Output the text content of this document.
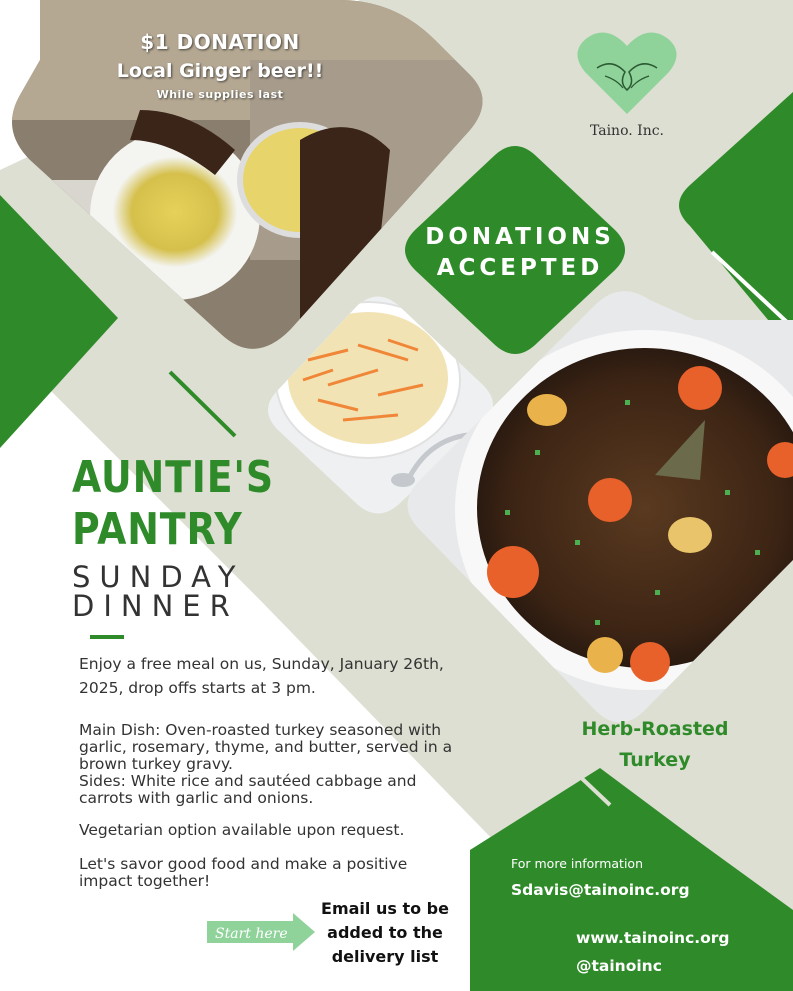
$1 DONATION
Local Ginger beer!!
While supplies last
Taino. Inc.
DONATIONS
ACCEPTED
AUNTIE'S
PANTRY
SUNDAY
DINNER
Enjoy a free meal on us, Sunday, January 26th, 2025, drop offs starts at 3 pm.
Main Dish: Oven-roasted turkey seasoned with garlic, rosemary, thyme, and butter, served in a brown turkey gravy.
Sides: White rice and sautéed cabbage and carrots with garlic and onions.
Vegetarian option available upon request.
Let's savor good food and make a positive impact together!
Start here
Email us to be
added to the
delivery list
Herb-Roasted
Turkey
For more information
Sdavis@tainoinc.org
www.tainoinc.org
@tainoinc
